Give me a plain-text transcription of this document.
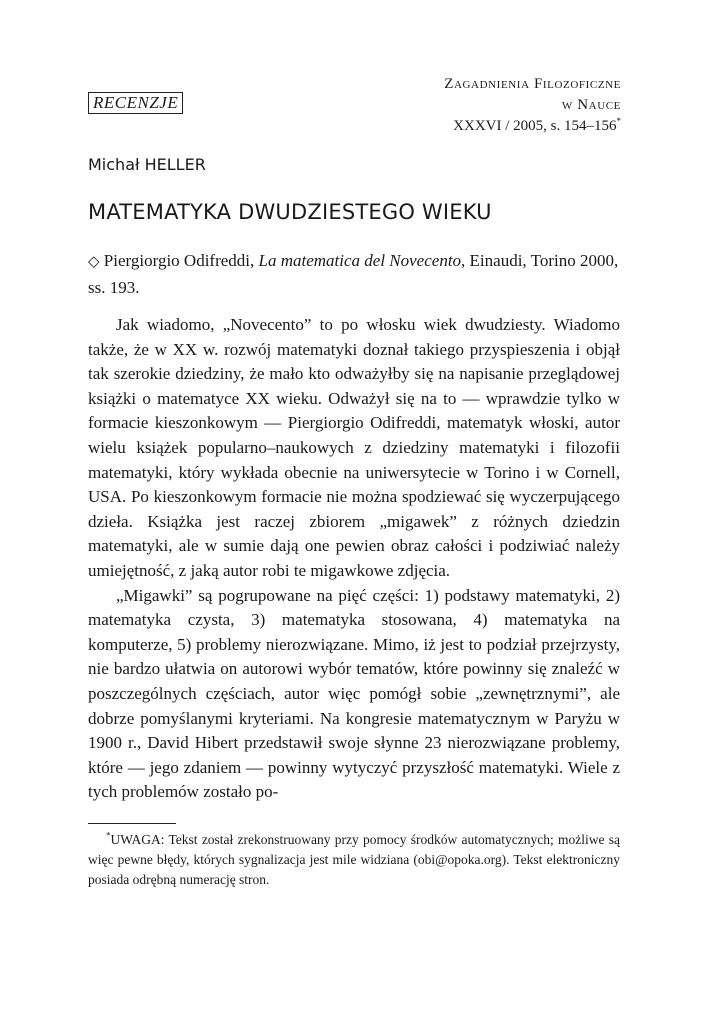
RECENZJE
Zagadnienia Filozoficzne
w Nauce
XXXVI / 2005, s. 154–156*
Michał HELLER
MATEMATYKA DWUDZIESTEGO WIEKU
◇ Piergiorgio Odifreddi, La matematica del Novecento, Einaudi, Torino 2000, ss. 193.

Jak wiadomo, „Novecento” to po włosku wiek dwudziesty. Wiadomo także, że w XX w. rozwój matematyki doznał takiego przyspieszenia i objął tak szerokie dziedziny, że mało kto odważyłby się na napisanie przeglądowej książki o matematyce XX wieku. Odważył się na to — wprawdzie tylko w formacie kieszonkowym — Piergiorgio Odifreddi, matematyk włoski, autor wielu książek popularno–naukowych z dziedziny matematyki i filozofii matematyki, który wykłada obecnie na uniwersytecie w Torino i w Cornell, USA. Po kieszonkowym formacie nie można spodziewać się wyczerpującego dzieła. Książka jest raczej zbiorem „migawek” z różnych dziedzin matematyki, ale w sumie dają one pewien obraz całości i podziwiać należy umiejętność, z jaką autor robi te migawkowe zdjęcia.

„Migawki” są pogrupowane na pięć części: 1) podstawy matematyki, 2) matematyka czysta, 3) matematyka stosowana, 4) matematyka na komputerze, 5) problemy nierozwiązane. Mimo, iż jest to podział przejrzysty, nie bardzo ułatwia on autorowi wybór tematów, które powinny się znaleźć w poszczególnych częściach, autor więc pomógł sobie „zewnętrznymi”, ale dobrze pomyślanymi kryteriami. Na kongresie matematycznym w Paryżu w 1900 r., David Hibert przedstawił swoje słynne 23 nierozwiązane problemy, które — jego zdaniem — powinny wytyczyć przyszłość matematyki. Wiele z tych problemów zostało po-

*UWAGA: Tekst został zrekonstruowany przy pomocy środków automatycznych; możliwe są więc pewne błędy, których sygnalizacja jest mile widziana (obi@opoka.org). Tekst elektroniczny posiada odrębną numerację stron.
